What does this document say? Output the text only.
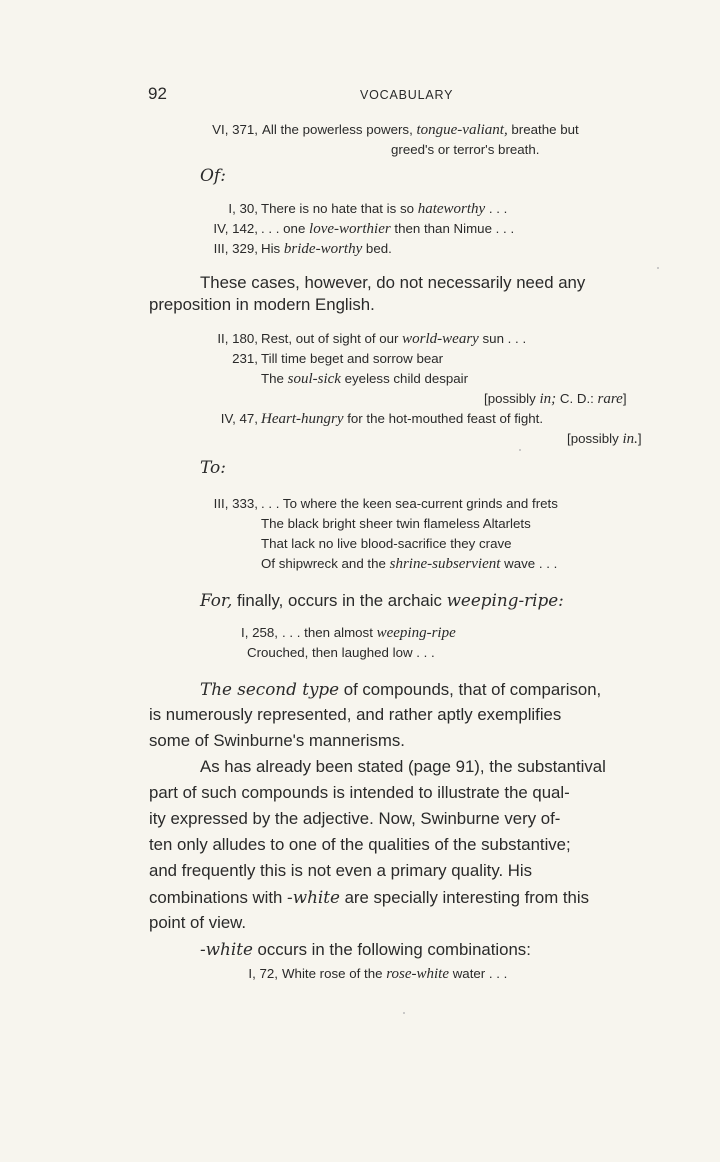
92	VOCABULARY
VI, 371, All the powerless powers, tongue-valiant, breathe but
greed's or terror's breath.
Of:
I, 30, There is no hate that is so hateworthy . . .
IV, 142, . . . one love-worthier then than Nimue . . .
III, 329, His bride-worthy bed.
These cases, however, do not necessarily need any
preposition in modern English.
II, 180, Rest, out of sight of our world-weary sun . . .
231, Till time beget and sorrow bear
The soul-sick eyeless child despair
[possibly in; C. D.: rare]
IV, 47, Heart-hungry for the hot-mouthed feast of fight.
[possibly in.]
To:
III, 333, . . . To where the keen sea-current grinds and frets
The black bright sheer twin flameless Altarlets
That lack no live blood-sacrifice they crave
Of shipwreck and the shrine-subservient wave . . .
For, finally, occurs in the archaic weeping-ripe:
I, 258, . . . then almost weeping-ripe
Crouched, then laughed low . . .
The second type of compounds, that of comparison,
is numerously represented, and rather aptly exemplifies
some of Swinburne's mannerisms.
As has already been stated (page 91), the substantival
part of such compounds is intended to illustrate the qual-
ity expressed by the adjective. Now, Swinburne very of-
ten only alludes to one of the qualities of the substantive;
and frequently this is not even a primary quality. His
combinations with -white are specially interesting from this
point of view.
-white occurs in the following combinations:
I, 72, White rose of the rose-white water . . .
